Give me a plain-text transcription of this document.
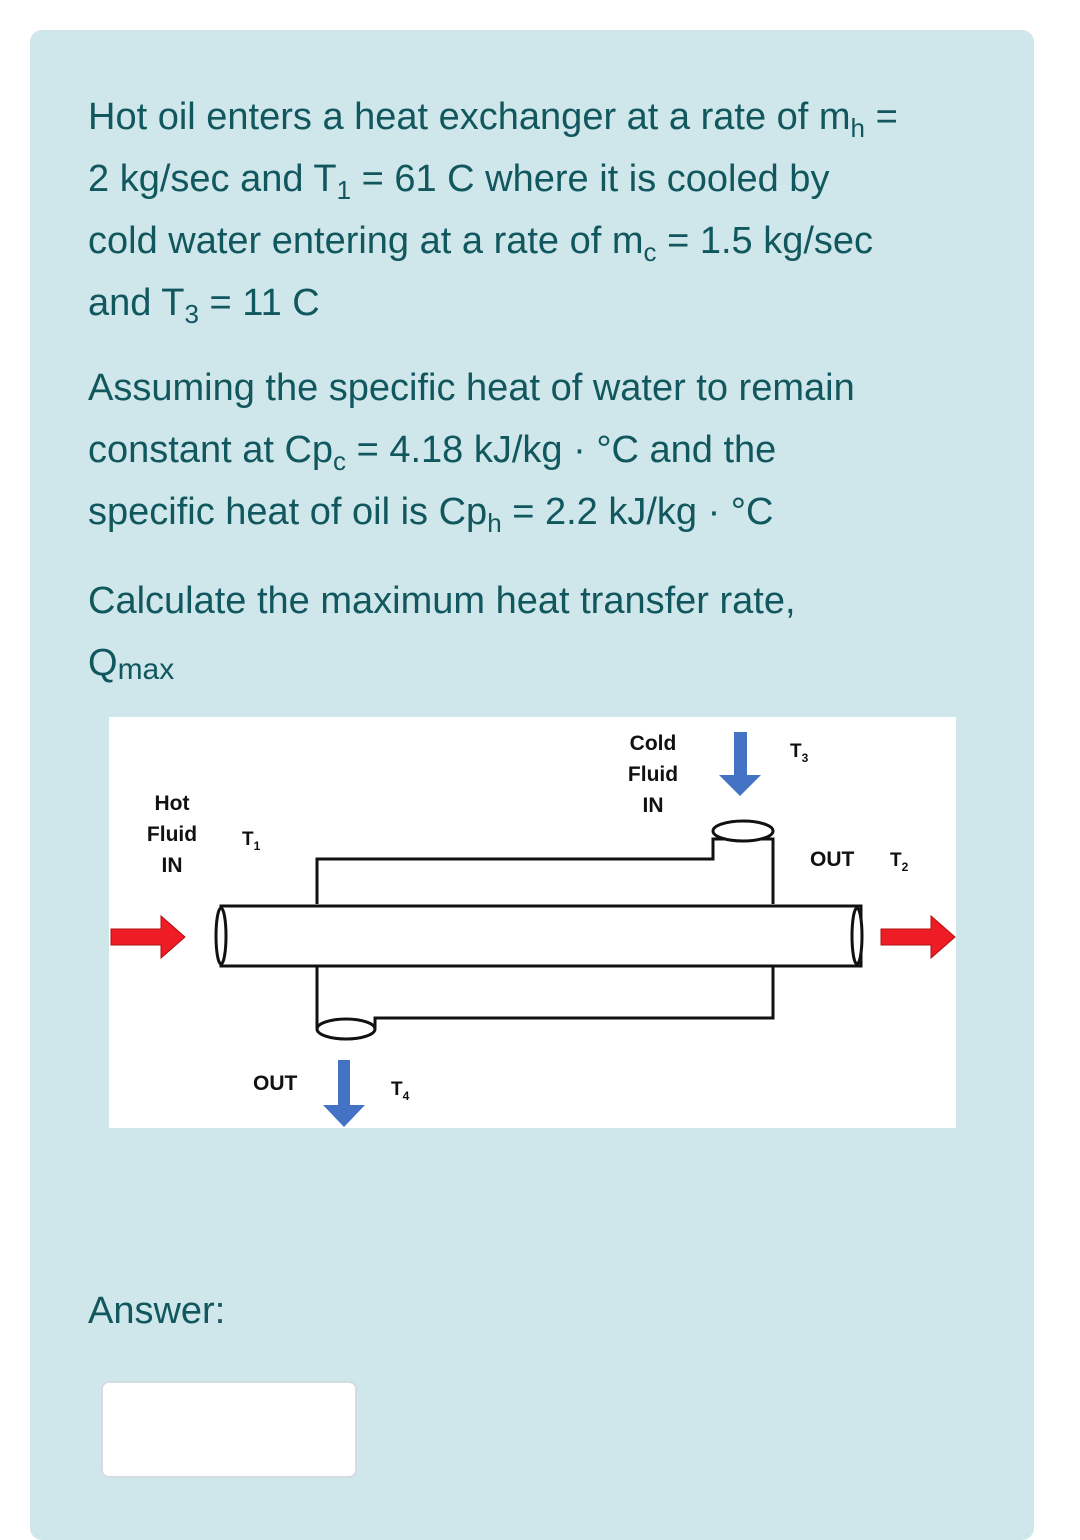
Hot oil enters a heat exchanger at a rate of $m_h$ =
2 kg/sec and $T_1 = 61$ C where it is cooled by
cold water entering at a rate of $m_c = 1.5$ kg/sec
and $T_3 = 11$ C
Assuming the specific heat of water to remain
constant at $Cp_c = 4.18$ kJ/kg · °C and the
specific heat of oil is $Cp_h = 2.2$ kJ/kg · °C
Calculate the maximum heat transfer rate,
$Q_{max}$
Cold
Fluid
IN
Hot
Fluid
IN
$T_1$
$T_3$
OUT $T_2$
OUT	$T_4$
Answer:
